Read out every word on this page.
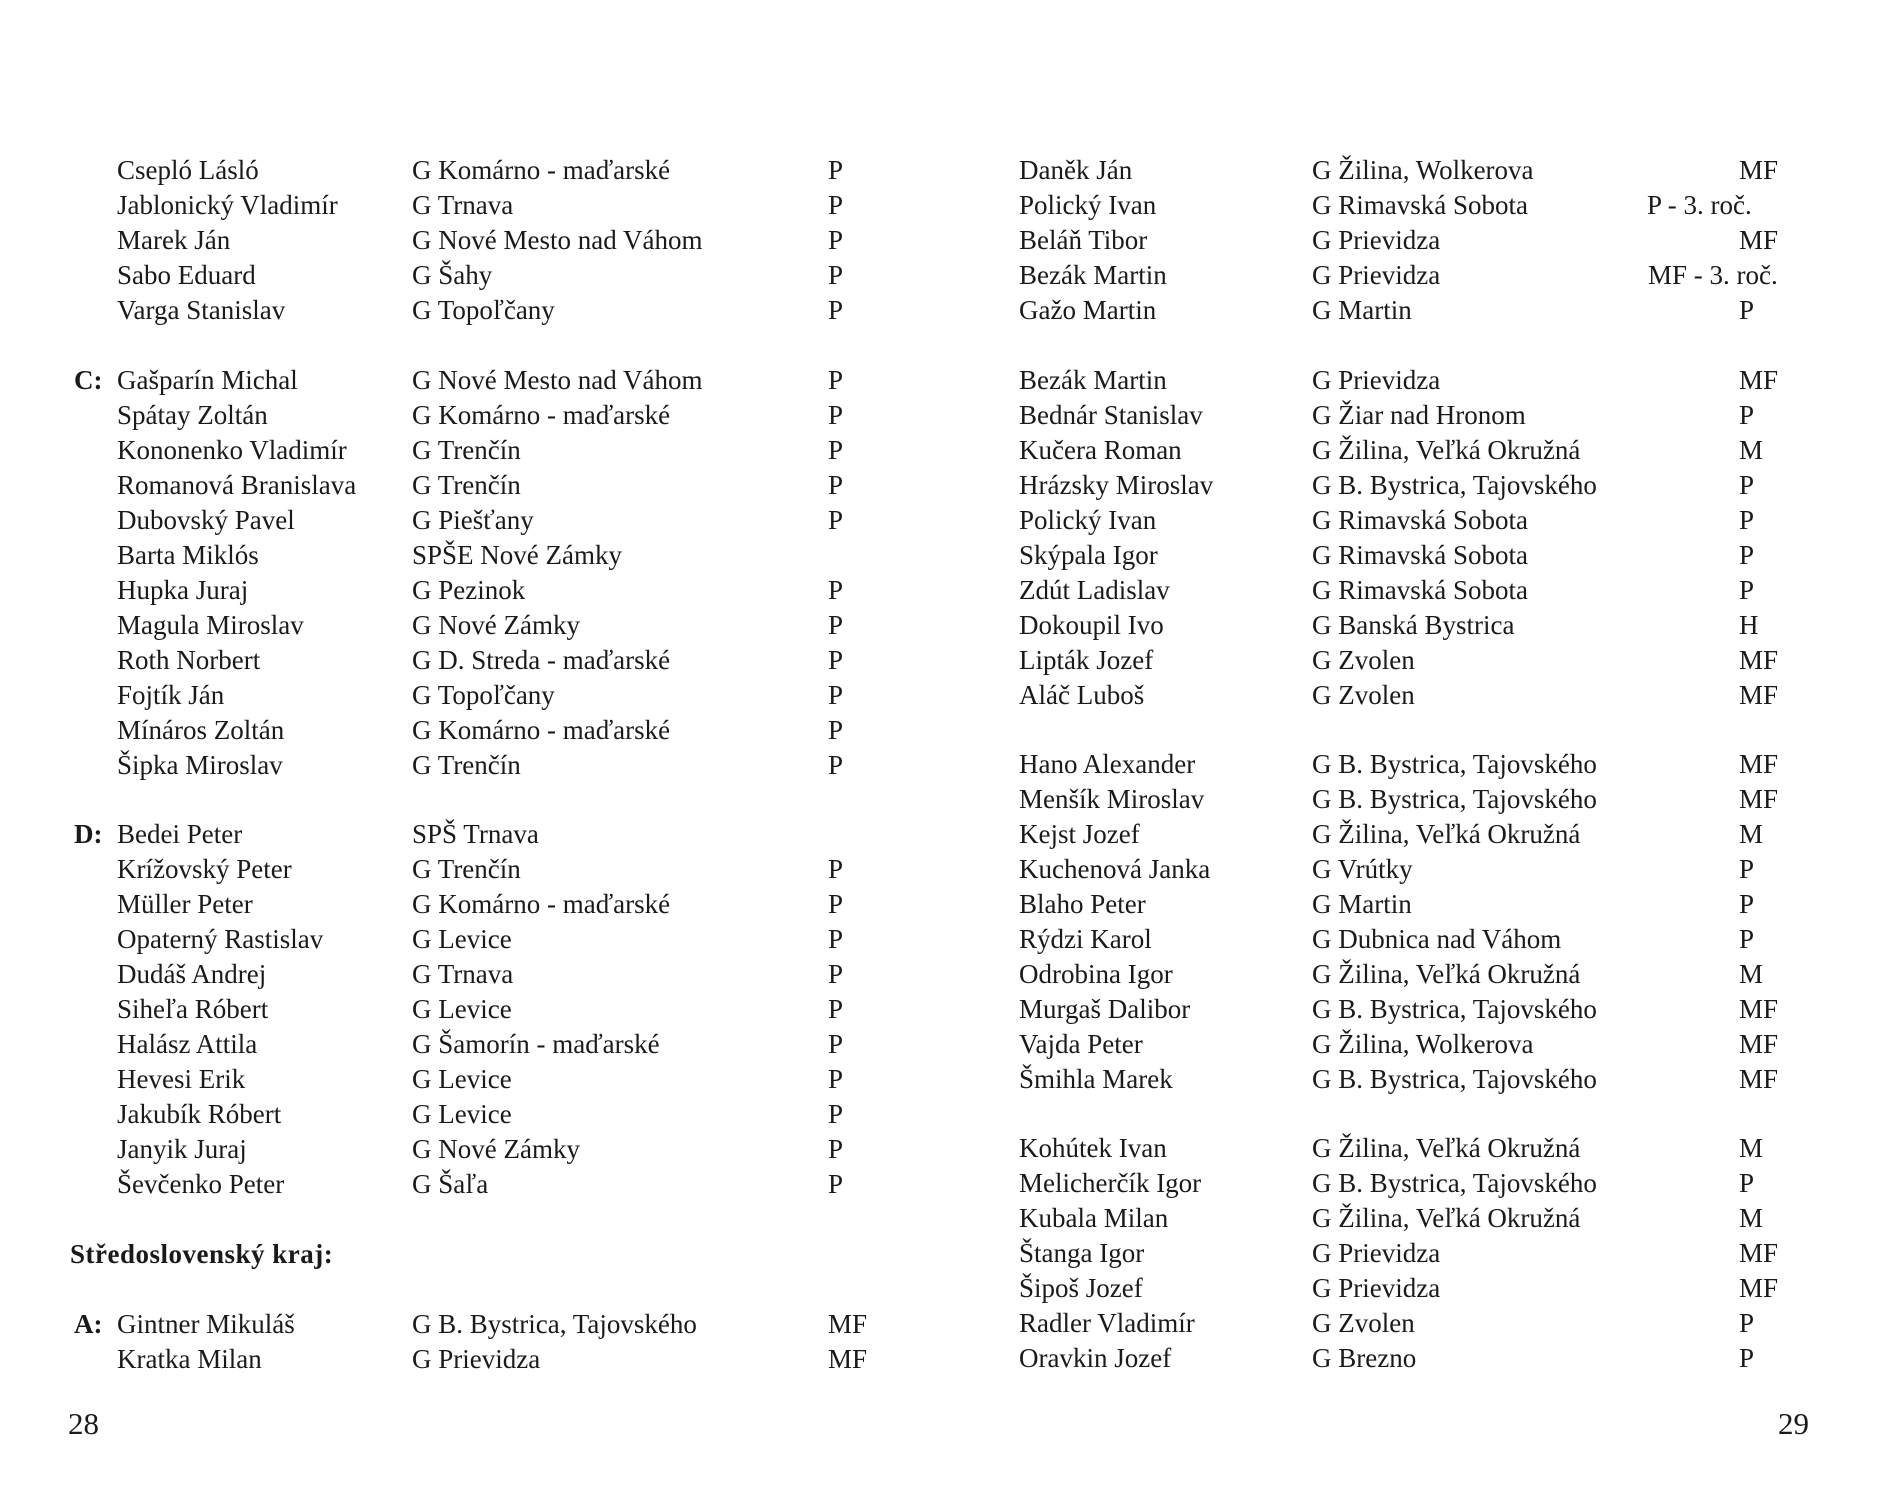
Csepló Lásló	G Komárno - maďarské	P
Jablonický Vladimír	G Trnava	P
Marek Ján	G Nové Mesto nad Váhom	P
Sabo Eduard	G Šahy	P
Varga Stanislav	G Topoľčany	P
C: Gašparín Michal	G Nové Mesto nad Váhom	P
Spátay Zoltán	G Komárno - maďarské	P
Kononenko Vladimír G Trenčín	P
Romanová Branislava G Trenčín	P
Dubovský Pavel	G Piešťany	P
Barta Miklós	SPŠE Nové Zámky
Hupka Juraj	G Pezinok	P
Magula Miroslav	G Nové Zámky	P
Roth Norbert	G D. Streda - maďarské	P
Fojtík Ján	G Topoľčany	P
Mínáros Zoltán	G Komárno - maďarské	P
Šipka Miroslav	G Trenčín	P
D: Bedei Peter	SPŠ Trnava
Krížovský Peter	G Trenčín	P
Müller Peter	G Komárno - maďarské	P
Opaterný Rastislav	G Levice	P
Dudáš Andrej	G Trnava	P
Siheľa Róbert	G Levice	P
Halász Attila	G Šamorín - maďarské	P
Hevesi Erik	G Levice	P
Jakubík Róbert	G Levice	P
Janyik Juraj	G Nové Zámky	P
Ševčenko Peter	G Šaľa	P
Středoslovenský kraj:
A: Gintner Mikuláš	G B. Bystrica, Tajovského	MF
Kratka Milan	G Prievidza	MF
28
Daněk Ján	G Žilina, Wolkerova	MF
Polický Ivan	G Rimavská Sobota	P - 3. roč.
Beláň Tibor	G Prievidza	MF
Bezák Martin	G Prievidza	MF - 3. roč.
Gažo Martin	G Martin	P
Bezák Martin	G Prievidza	MF
Bednár Stanislav	G Žiar nad Hronom	P
Kučera Roman	G Žilina, Veľká Okružná	M
Hrázsky Miroslav	G B. Bystrica, Tajovského	P
Polický Ivan	G Rimavská Sobota	P
Skýpala Igor	G Rimavská Sobota	P
Zdút Ladislav	G Rimavská Sobota	P
Dokoupil Ivo	G Banská Bystrica	H
Lipták Jozef	G Zvolen	MF
Aláč Luboš	G Zvolen	MF
Hano Alexander	G B. Bystrica, Tajovského	MF
Menšík Miroslav	G B. Bystrica, Tajovského	MF
Kejst Jozef	G Žilina, Veľká Okružná	M
Kuchenová Janka	G Vrútky	P
Blaho Peter	G Martin	P
Rýdzi Karol	G Dubnica nad Váhom	P
Odrobina Igor	G Žilina, Veľká Okružná	M
Murgaš Dalibor	G B. Bystrica, Tajovského	MF
Vajda Peter	G Žilina, Wolkerova	MF
Šmihla Marek	G B. Bystrica, Tajovského	MF
Kohútek Ivan	G Žilina, Veľká Okružná	M
Melicherčík Igor	G B. Bystrica, Tajovského	P
Kubala Milan	G Žilina, Veľká Okružná	M
Štanga Igor	G Prievidza	MF
Šipoš Jozef	G Prievidza	MF
Radler Vladimír	G Zvolen	P
Oravkin Jozef	G Brezno	P
29
